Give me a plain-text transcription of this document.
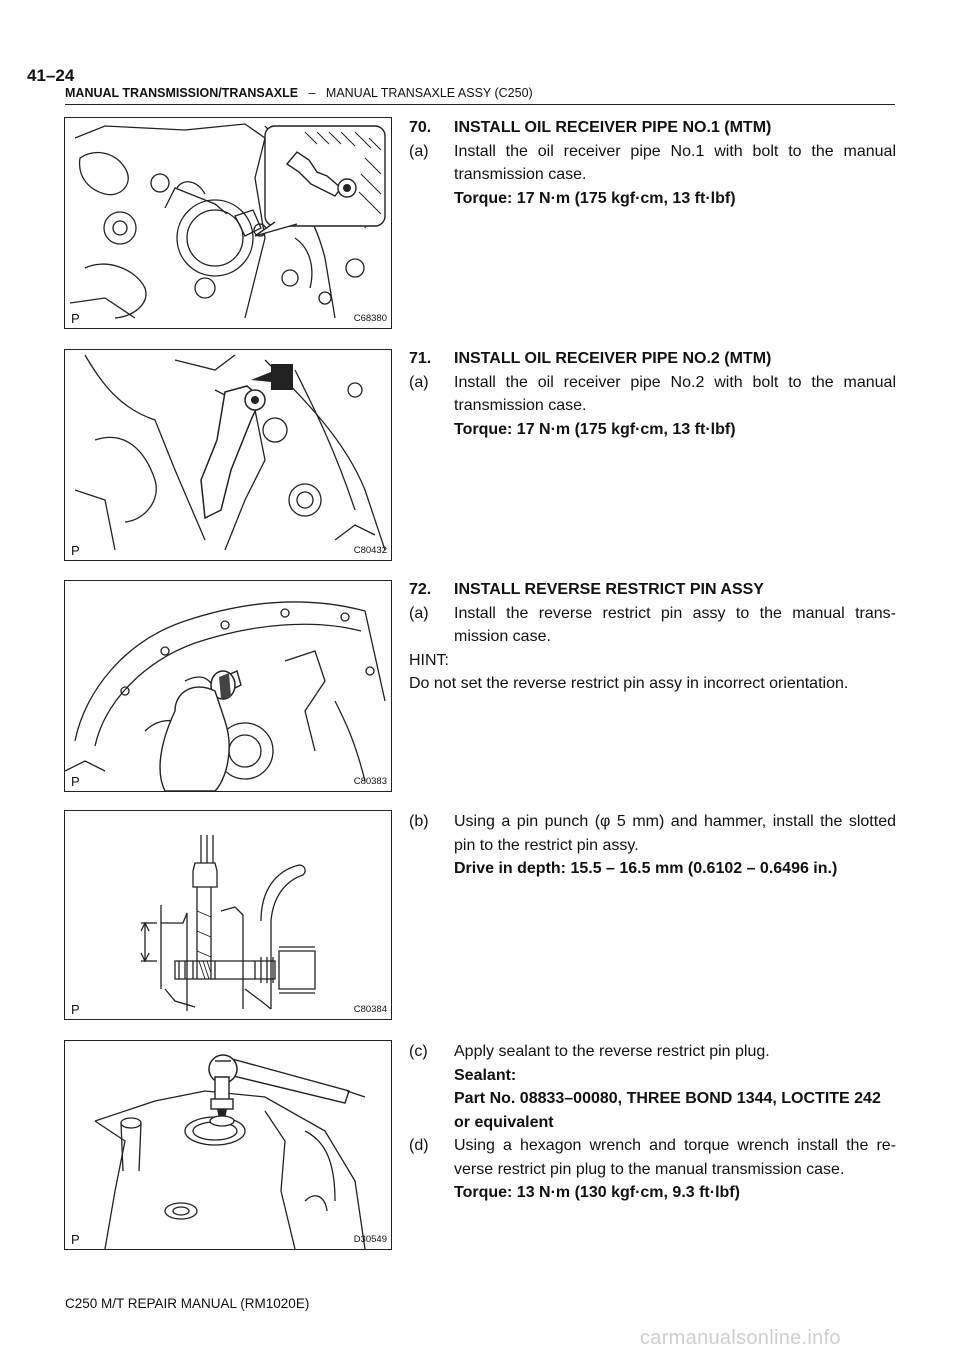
41–24
MANUAL TRANSMISSION/TRANSAXLE – MANUAL TRANSAXLE ASSY (C250)
P	C68380
P	C80432
P	C80383
P	C80384
P	D30549

70. INSTALL OIL RECEIVER PIPE NO.1 (MTM)

(a) Install the oil receiver pipe No.1 with bolt to the manual transmission case.

Torque: 17 N·m (175 kgf·cm, 13 ft·lbf)

71. INSTALL OIL RECEIVER PIPE NO.2 (MTM)

(a) Install the oil receiver pipe No.2 with bolt to the manual transmission case.

Torque: 17 N·m (175 kgf·cm, 13 ft·lbf)

72. INSTALL REVERSE RESTRICT PIN ASSY

(a) Install the reverse restrict pin assy to the manual trans-mission case.

HINT:

Do not set the reverse restrict pin assy in incorrect orientation.

(b) Using a pin punch (φ 5 mm) and hammer, install the slotted pin to the restrict pin assy.

Drive in depth: 15.5 – 16.5 mm (0.6102 – 0.6496 in.)

(c) Apply sealant to the reverse restrict pin plug.

Sealant:

Part No. 08833–00080, THREE BOND 1344, LOCTITE 242 or equivalent

(d) Using a hexagon wrench and torque wrench install the re-verse restrict pin plug to the manual transmission case.

Torque: 13 N·m (130 kgf·cm, 9.3 ft·lbf)

C250 M/T REPAIR MANUAL (RM1020E)
carmanualsonline.info
